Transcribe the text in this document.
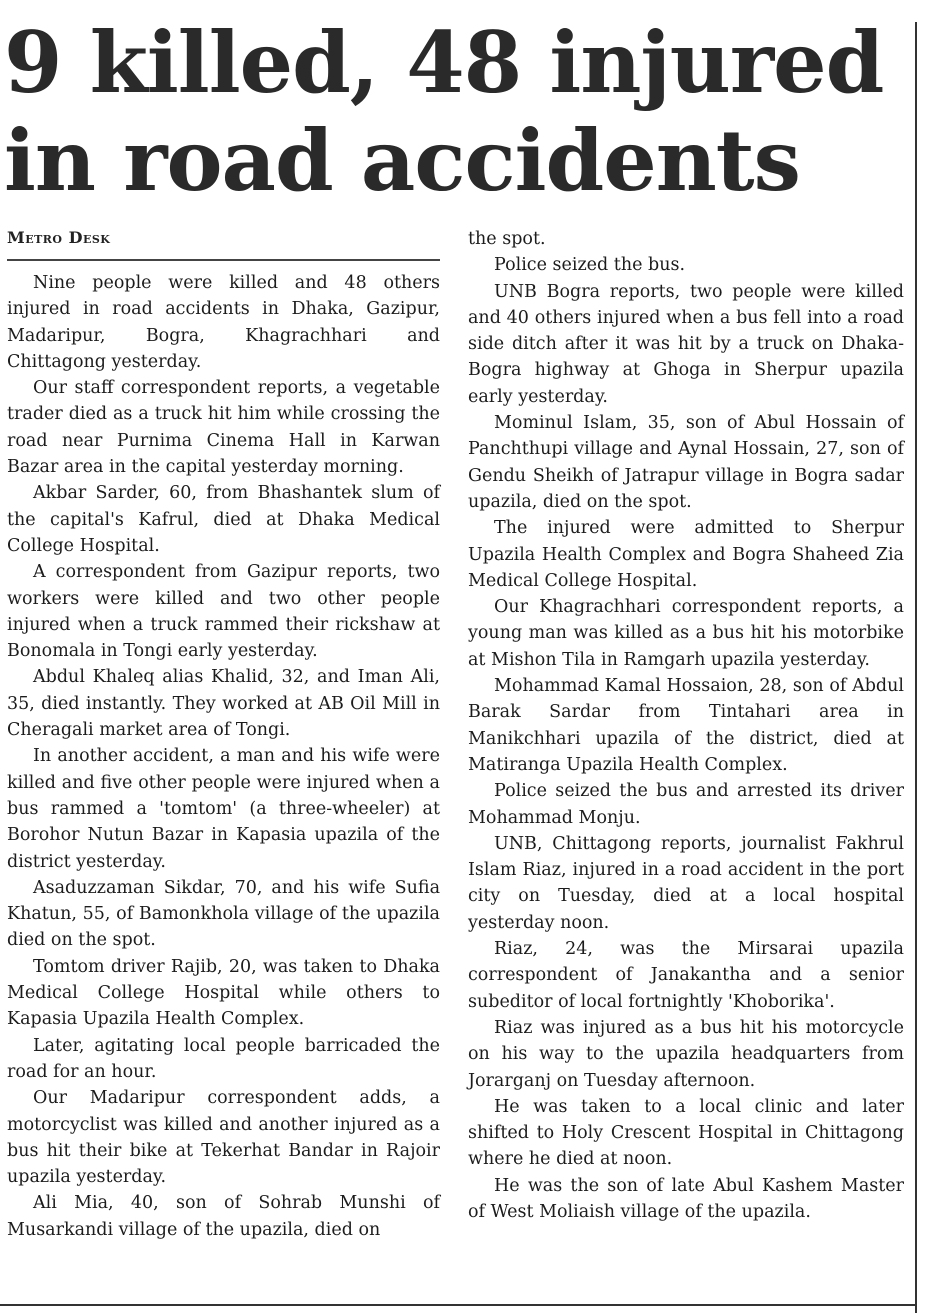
9 killed, 48 injured
in road accidents
Metro Desk

Nine people were killed and 48 others injured in road accidents in Dhaka, Gazipur, Madaripur, Bogra, Khagrachhari and Chittagong yesterday.

Our staff correspondent reports, a vegetable trader died as a truck hit him while crossing the road near Purnima Cinema Hall in Karwan Bazar area in the capital yesterday morning.

Akbar Sarder, 60, from Bhashantek slum of the capital's Kafrul, died at Dhaka Medical College Hospital.

A correspondent from Gazipur reports, two workers were killed and two other people injured when a truck rammed their rickshaw at Bonomala in Tongi early yesterday.

Abdul Khaleq alias Khalid, 32, and Iman Ali, 35, died instantly. They worked at AB Oil Mill in Cheragali market area of Tongi.

In another accident, a man and his wife were killed and five other people were injured when a bus rammed a 'tomtom' (a three-wheeler) at Borohor Nutun Bazar in Kapasia upazila of the district yesterday.

Asaduzzaman Sikdar, 70, and his wife Sufia Khatun, 55, of Bamonkhola village of the upazila died on the spot.

Tomtom driver Rajib, 20, was taken to Dhaka Medical College Hospital while others to Kapasia Upazila Health Complex.

Later, agitating local people barricaded the road for an hour.

Our Madaripur correspondent adds, a motorcyclist was killed and another injured as a bus hit their bike at Tekerhat Bandar in Rajoir upazila yesterday.

Ali Mia, 40, son of Sohrab Munshi of Musarkandi village of the upazila, died on

the spot.

Police seized the bus.

UNB Bogra reports, two people were killed and 40 others injured when a bus fell into a road side ditch after it was hit by a truck on Dhaka-Bogra highway at Ghoga in Sherpur upazila early yesterday.

Mominul Islam, 35, son of Abul Hossain of Panchthupi village and Aynal Hossain, 27, son of Gendu Sheikh of Jatrapur village in Bogra sadar upazila, died on the spot.

The injured were admitted to Sherpur Upazila Health Complex and Bogra Shaheed Zia Medical College Hospital.

Our Khagrachhari correspondent reports, a young man was killed as a bus hit his motorbike at Mishon Tila in Ramgarh upazila yesterday.

Mohammad Kamal Hossaion, 28, son of Abdul Barak Sardar from Tintahari area in Manikchhari upazila of the district, died at Matiranga Upazila Health Complex.

Police seized the bus and arrested its driver Mohammad Monju.

UNB, Chittagong reports, journalist Fakhrul Islam Riaz, injured in a road accident in the port city on Tuesday, died at a local hospital yesterday noon.

Riaz, 24, was the Mirsarai upazila correspondent of Janakantha and a senior subeditor of local fortnightly 'Khoborika'.

Riaz was injured as a bus hit his motorcycle on his way to the upazila headquarters from Jorarganj on Tuesday afternoon.

He was taken to a local clinic and later shifted to Holy Crescent Hospital in Chittagong where he died at noon.

He was the son of late Abul Kashem Master of West Moliaish village of the upazila.
